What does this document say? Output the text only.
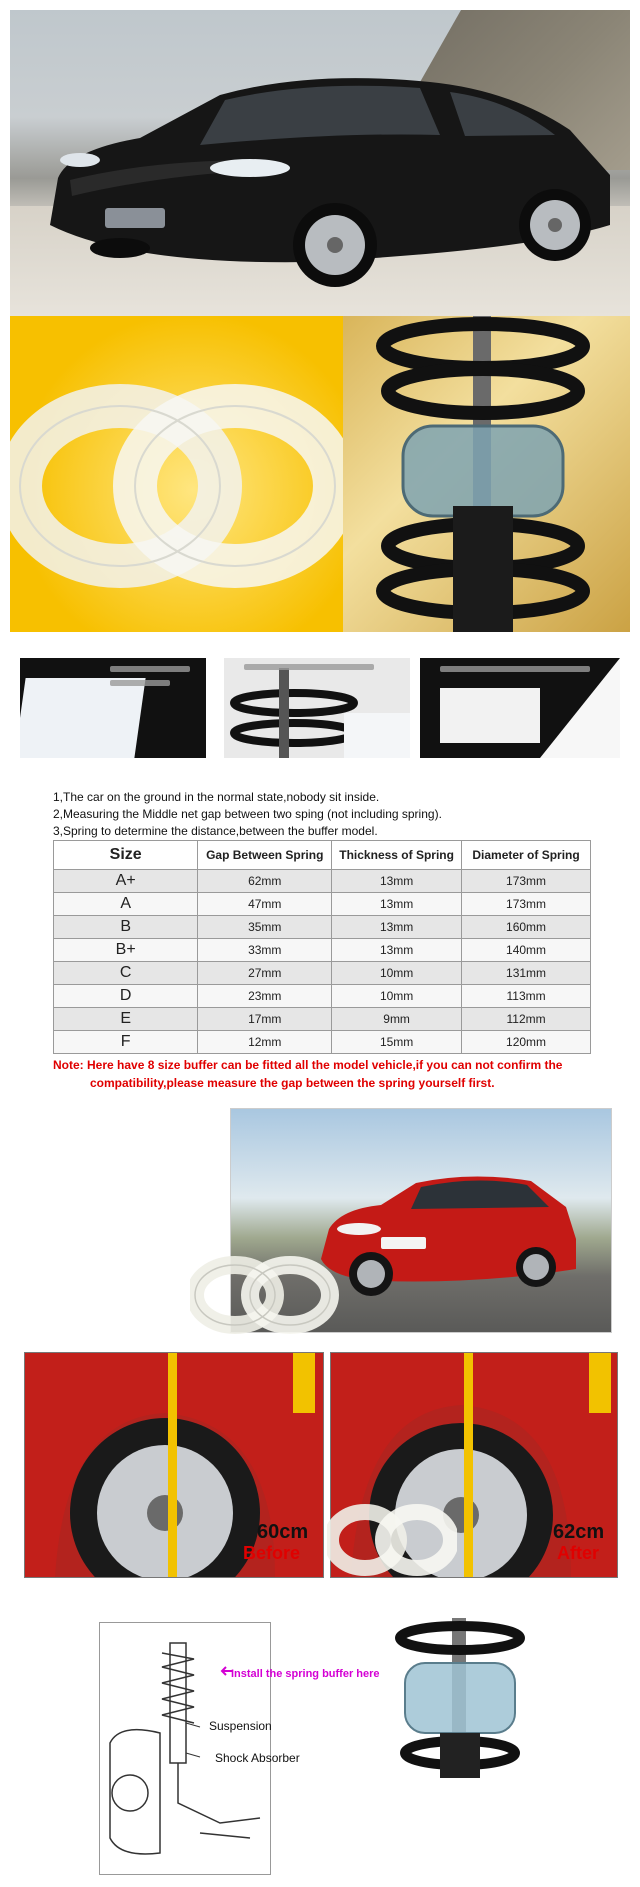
1,The car on the ground in the normal state,nobody sit inside.
2,Measuring the Middle net gap between two sping (not including spring).
3,Spring to determine the distance,between the buffer model.
Size	Gap Between Spring	Thickness of Spring	Diameter of Spring
A+	62mm	13mm	173mm
A	47mm	13mm	173mm
B	35mm	13mm	160mm
B+	33mm	13mm	140mm
C	27mm	10mm	131mm
D	23mm	10mm	113mm
E	17mm	9mm	112mm
F	12mm	15mm	120mm
Note: Here have 8 size buffer can be fitted all the model vehicle,if you can not confirm the
compatibility,please measure the gap between the spring yourself first.
60cm
Before
62cm
After
Suspension
Shock Absorber
Install the spring buffer here
